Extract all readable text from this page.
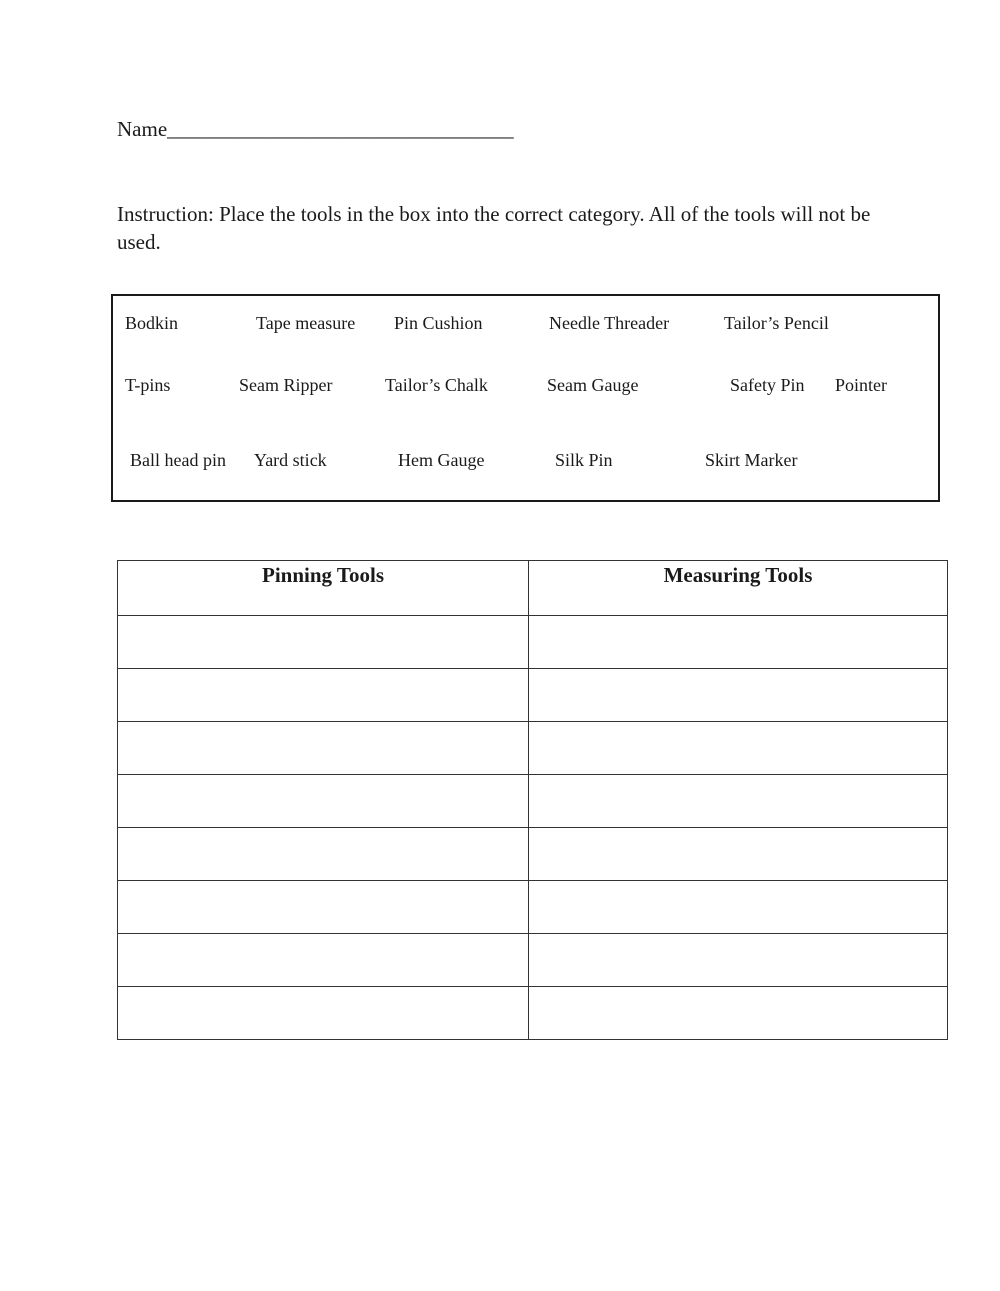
Name_________________________________
Instruction: Place the tools in the box into the correct category. All of the tools will not be used.
Bodkin	Tape measure Pin Cushion	Needle Threader	Tailor’s Pencil
T-pins	Seam Ripper	Tailor’s Chalk	Seam Gauge	Safety Pin Pointer
Ball head pin Yard stick	Hem Gauge	Silk Pin	Skirt Marker
Pinning Tools	Measuring Tools
